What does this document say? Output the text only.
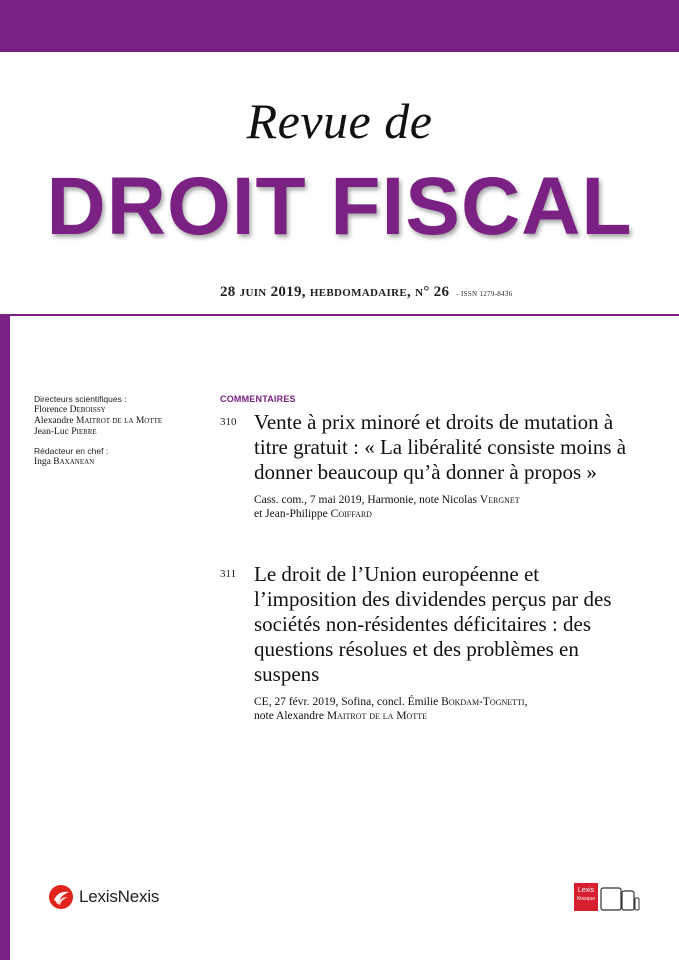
Revue de
DROIT FISCAL
28 juin 2019, hebdomadaire, n° 26 - ISSN 1279-8436
Directeurs scientifiques :
Florence Deboissy
Alexandre Maitrot de la Motte
Jean-Luc Pierre
Rédacteur en chef :
Inga Baxanean
COMMENTAIRES
310 Vente à prix minoré et droits de mutation à titre gratuit : « La libéralité consiste moins à donner beaucoup qu’à donner à propos »
Cass. com., 7 mai 2019, Harmonie, note Nicolas Vergnet
et Jean-Philippe Coiffard
311 Le droit de l’Union européenne et l’imposition des dividendes perçus par des sociétés non-résidentes déficitaires : des questions résolues et des problèmes en suspens
CE, 27 févr. 2019, Sofina, concl. Émilie Bokdam-Tognetti,
note Alexandre Maitrot de la Motte
LexisNexis	Lexis
Kiosque
